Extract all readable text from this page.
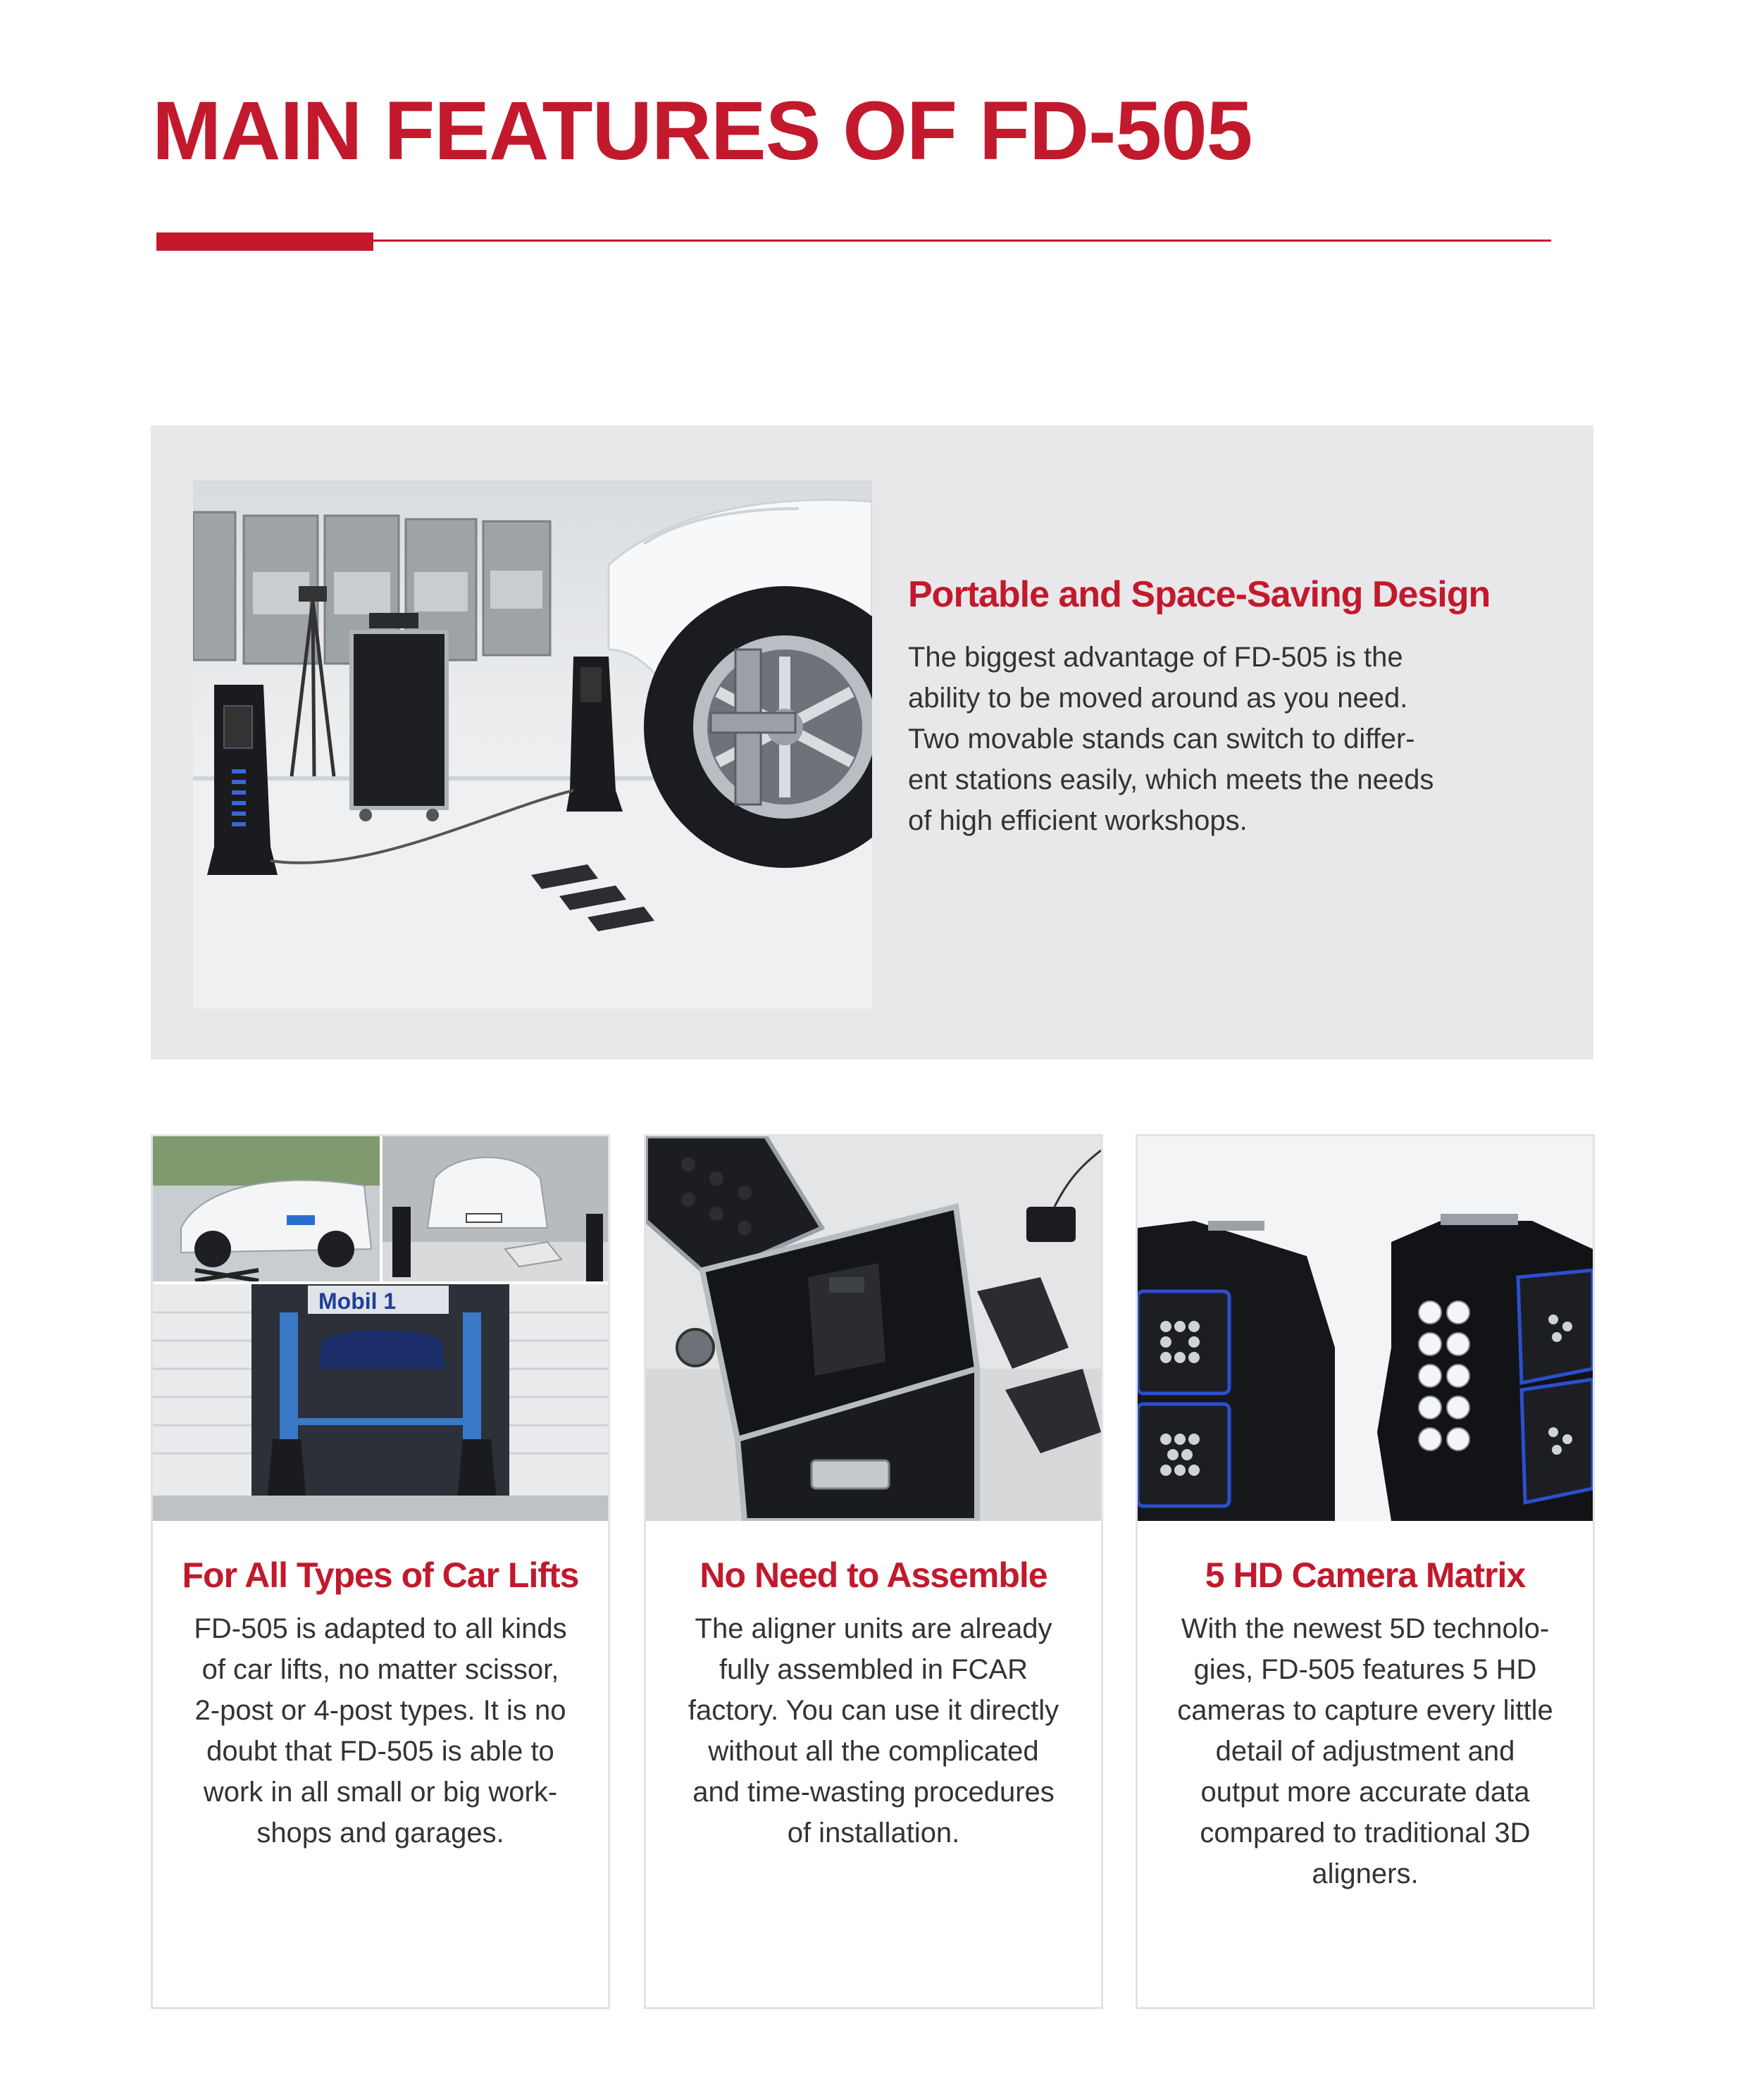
MAIN FEATURES OF FD-505
Portable and Space-Saving Design

The biggest advantage of FD-505 is the
ability to be moved around as you need.
Two movable stands can switch to differ-
ent stations easily, which meets the needs
of high efficient workshops.

Mobil 1
For All Types of Car Lifts

FD-505 is adapted to all kinds
of car lifts, no matter scissor,
2-post or 4-post types. It is no
doubt that FD-505 is able to
work in all small or big work-
shops and garages.

No Need to Assemble

The aligner units are already
fully assembled in FCAR
factory. You can use it directly
without all the complicated
and time-wasting procedures
of installation.

5 HD Camera Matrix

With the newest 5D technolo-
gies, FD-505 features 5 HD
cameras to capture every little
detail of adjustment and
output more accurate data
compared to traditional 3D
aligners.
